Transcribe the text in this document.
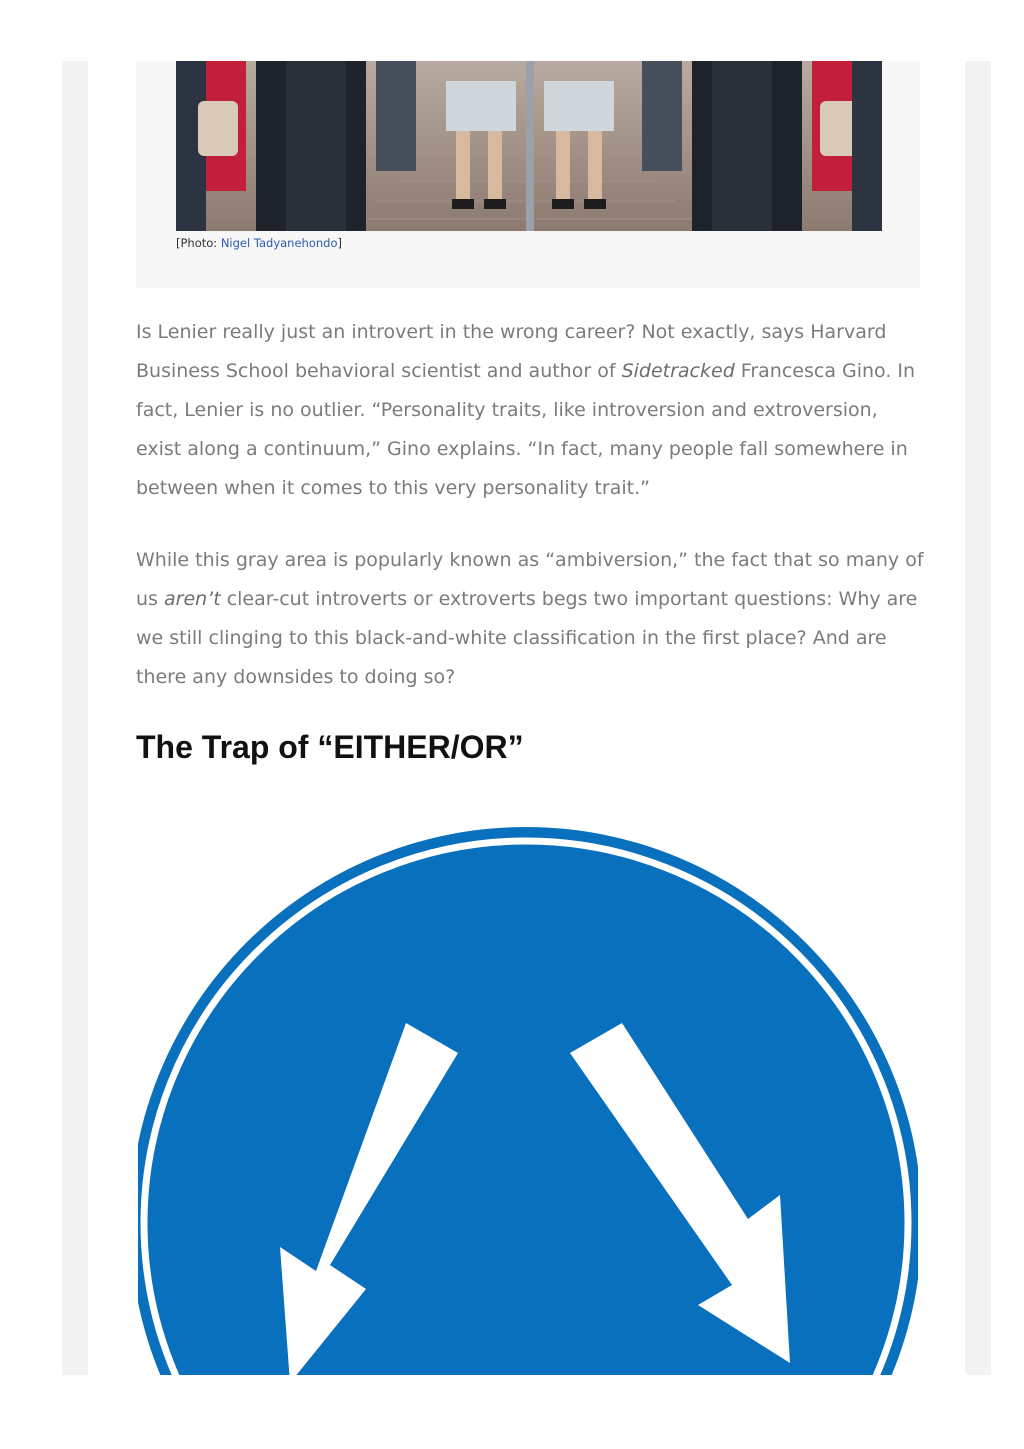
[Photo: Nigel Tadyanehondo]

Is Lenier really just an introvert in the wrong career? Not exactly, says Harvard Business School behavioral scientist and author of Sidetracked Francesca Gino. In fact, Lenier is no outlier. “Personality traits, like introversion and extroversion, exist along a continuum,” Gino explains. “In fact, many people fall somewhere in between when it comes to this very personality trait.”

While this gray area is popularly known as “ambiversion,” the fact that so many of us aren’t clear-cut introverts or extroverts begs two important questions: Why are we still clinging to this black-and-white classification in the first place? And are there any downsides to doing so?

The Trap of “EITHER/OR”
